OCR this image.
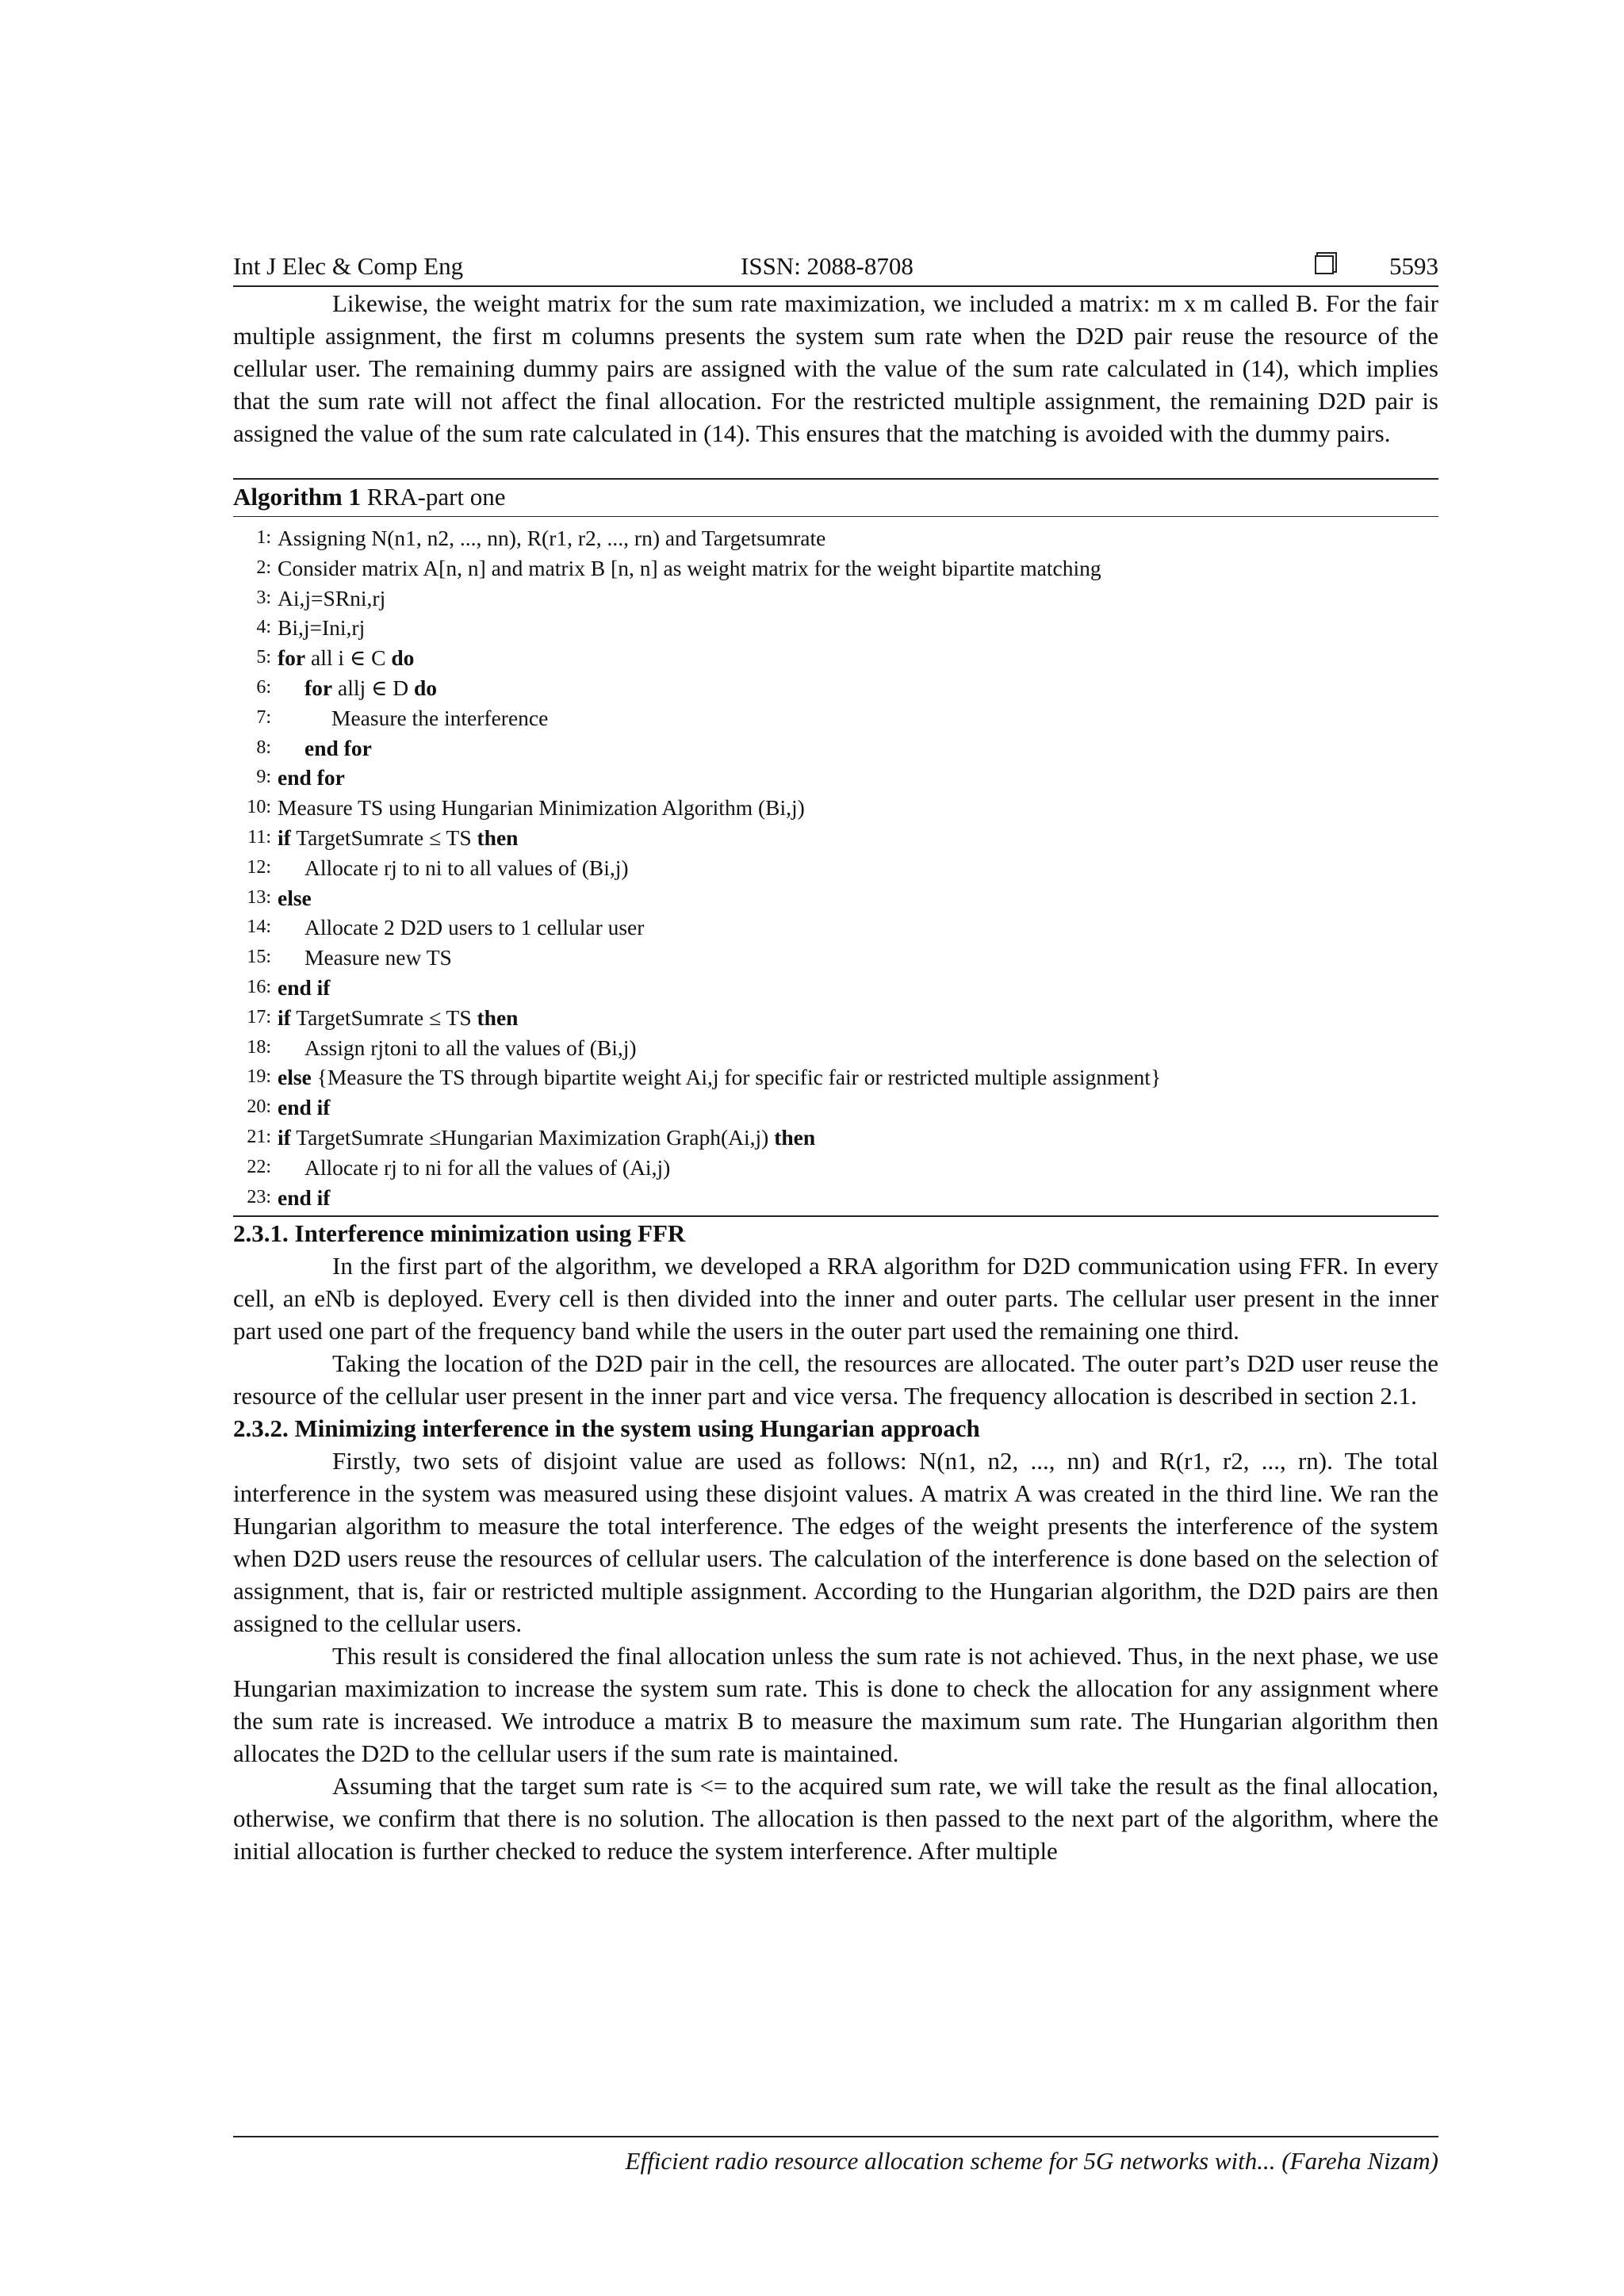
Int J Elec & Comp Eng	ISSN: 2088-8708	5593

Likewise, the weight matrix for the sum rate maximization, we included a matrix: m x m called B. For the fair multiple assignment, the first m columns presents the system sum rate when the D2D pair reuse the resource of the cellular user. The remaining dummy pairs are assigned with the value of the sum rate calculated in (14), which implies that the sum rate will not affect the final allocation. For the restricted multiple assignment, the remaining D2D pair is assigned the value of the sum rate calculated in (14). This ensures that the matching is avoided with the dummy pairs.

Algorithm 1 RRA-part one
1: Assigning N(n1, n2, ..., nn), R(r1, r2, ..., rn) and Targetsumrate
2: Consider matrix A[n, n] and matrix B [n, n] as weight matrix for the weight bipartite matching
3: Ai,j=SRni,rj
4: Bi,j=Ini,rj
5: for all i ∈ C do
6:	for allj ∈ D do
7:	Measure the interference
8:	end for
9: end for
10: Measure TS using Hungarian Minimization Algorithm (Bi,j)
11: if TargetSumrate ≤ TS then
12:	Allocate rj to ni to all values of (Bi,j)
13: else
14:	Allocate 2 D2D users to 1 cellular user
15:	Measure new TS
16: end if
17: if TargetSumrate ≤ TS then
18:	Assign rjtoni to all the values of (Bi,j)
19: else {Measure the TS through bipartite weight Ai,j for specific fair or restricted multiple assignment}
20: end if
21: if TargetSumrate ≤Hungarian Maximization Graph(Ai,j) then
22:	Allocate rj to ni for all the values of (Ai,j)
23: end if
2.3.1. Interference minimization using FFR

In the first part of the algorithm, we developed a RRA algorithm for D2D communication using FFR. In every cell, an eNb is deployed. Every cell is then divided into the inner and outer parts. The cellular user present in the inner part used one part of the frequency band while the users in the outer part used the remaining one third.

Taking the location of the D2D pair in the cell, the resources are allocated. The outer part’s D2D user reuse the resource of the cellular user present in the inner part and vice versa. The frequency allocation is described in section 2.1.

2.3.2. Minimizing interference in the system using Hungarian approach

Firstly, two sets of disjoint value are used as follows: N(n1, n2, ..., nn) and R(r1, r2, ..., rn). The total interference in the system was measured using these disjoint values. A matrix A was created in the third line. We ran the Hungarian algorithm to measure the total interference. The edges of the weight presents the interference of the system when D2D users reuse the resources of cellular users. The calculation of the interference is done based on the selection of assignment, that is, fair or restricted multiple assignment. According to the Hungarian algorithm, the D2D pairs are then assigned to the cellular users.

This result is considered the final allocation unless the sum rate is not achieved. Thus, in the next phase, we use Hungarian maximization to increase the system sum rate. This is done to check the allocation for any assignment where the sum rate is increased. We introduce a matrix B to measure the maximum sum rate. The Hungarian algorithm then allocates the D2D to the cellular users if the sum rate is maintained.

Assuming that the target sum rate is <= to the acquired sum rate, we will take the result as the final allocation, otherwise, we confirm that there is no solution. The allocation is then passed to the next part of the algorithm, where the initial allocation is further checked to reduce the system interference. After multiple

Efficient radio resource allocation scheme for 5G networks with... (Fareha Nizam)
